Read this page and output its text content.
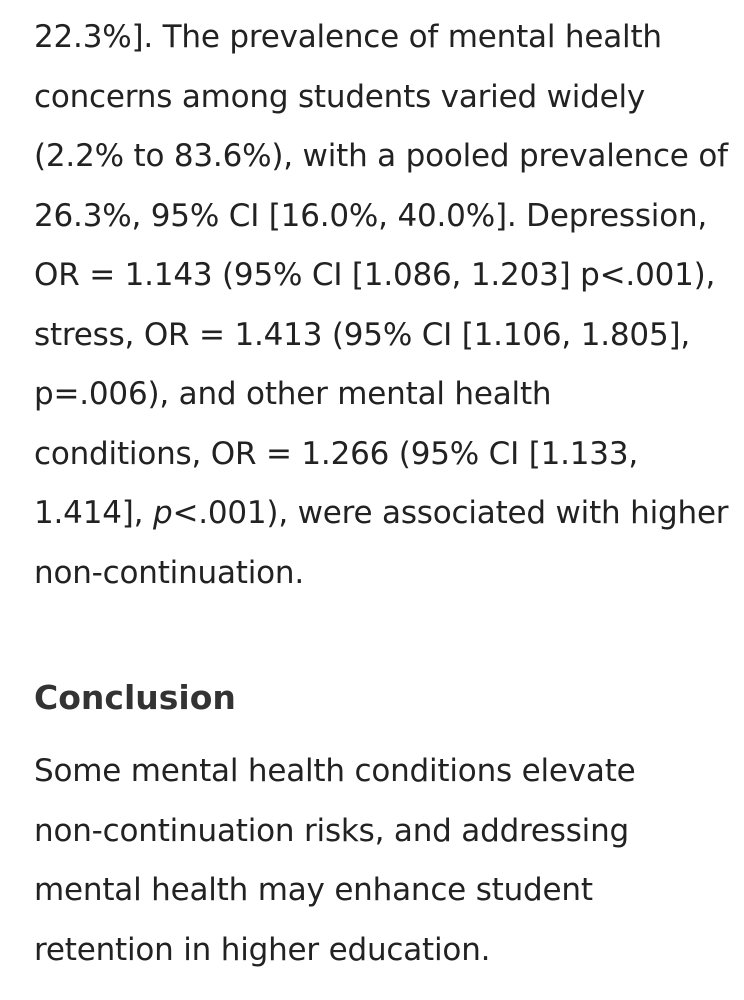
22.3%]. The prevalence of mental health
concerns among students varied widely
(2.2% to 83.6%), with a pooled prevalence of
26.3%, 95% CI [16.0%, 40.0%]. Depression,
OR = 1.143 (95% CI [1.086, 1.203] p<.001),
stress, OR = 1.413 (95% CI [1.106, 1.805],
p=.006), and other mental health
conditions, OR = 1.266 (95% CI [1.133,
1.414], p<.001), were associated with higher
non-continuation.
Conclusion
Some mental health conditions elevate
non-continuation risks, and addressing
mental health may enhance student
retention in higher education.
